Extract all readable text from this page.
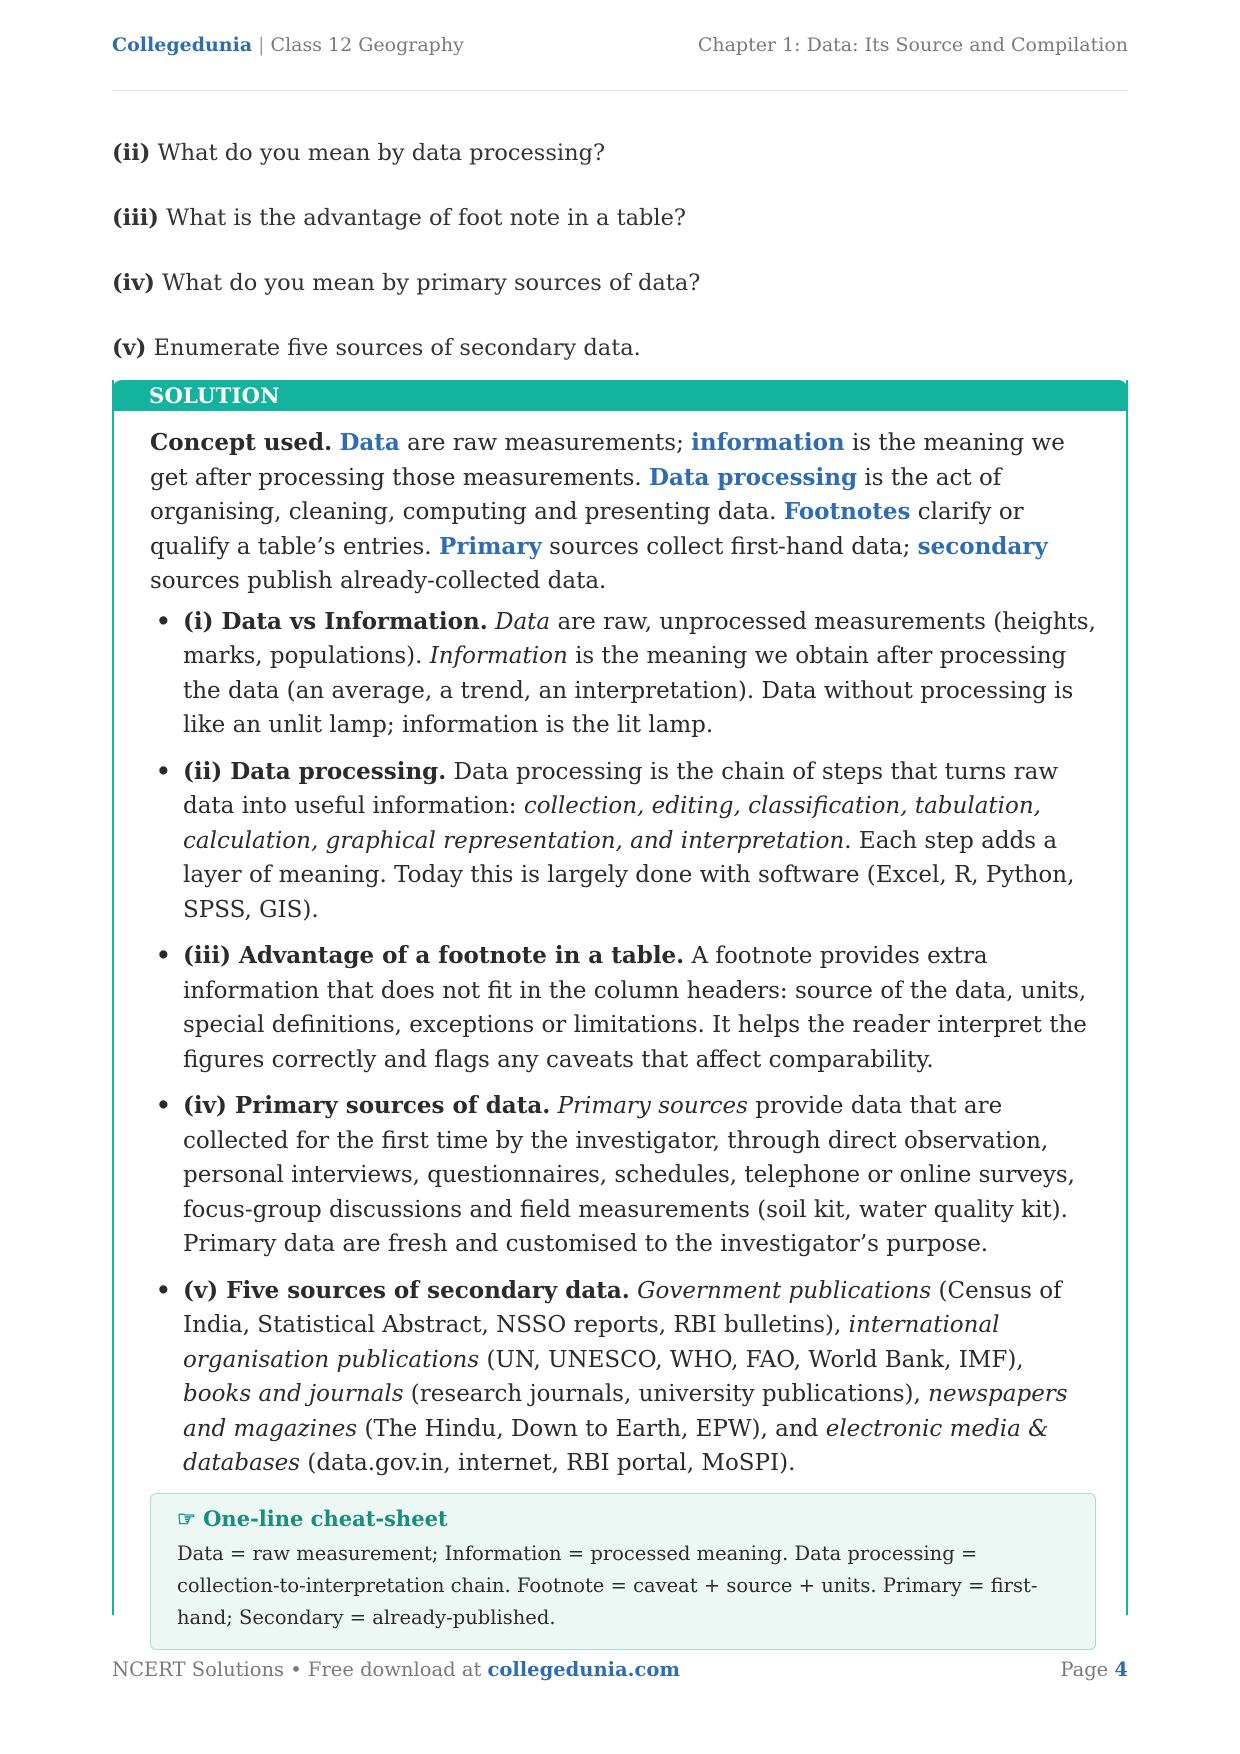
Collegedunia | Class 12 Geography	Chapter 1: Data: Its Source and Compilation

(ii) What do you mean by data processing?

(iii) What is the advantage of foot note in a table?

(iv) What do you mean by primary sources of data?

(v) Enumerate five sources of secondary data.

SOLUTION

Concept used. Data are raw measurements; information is the meaning we get after processing those measurements. Data processing is the act of organising, cleaning, computing and presenting data. Footnotes clarify or qualify a table’s entries. Primary sources collect first-hand data; secondary sources publish already-collected data.

• (i) Data vs Information. Data are raw, unprocessed measurements (heights, marks, populations). Information is the meaning we obtain after processing the data (an average, a trend, an interpretation). Data without processing is like an unlit lamp; information is the lit lamp.
• (ii) Data processing. Data processing is the chain of steps that turns raw data into useful information: collection, editing, classification, tabulation, calculation, graphical representation, and interpretation. Each step adds a layer of meaning. Today this is largely done with software (Excel, R, Python, SPSS, GIS).
• (iii) Advantage of a footnote in a table. A footnote provides extra information that does not fit in the column headers: source of the data, units, special definitions, exceptions or limitations. It helps the reader interpret the figures correctly and flags any caveats that affect comparability.
• (iv) Primary sources of data. Primary sources provide data that are collected for the first time by the investigator, through direct observation, personal interviews, questionnaires, schedules, telephone or online surveys, focus-group discussions and field measurements (soil kit, water quality kit). Primary data are fresh and customised to the investigator’s purpose.
• (v) Five sources of secondary data. Government publications (Census of India, Statistical Abstract, NSSO reports, RBI bulletins), international organisation publications (UN, UNESCO, WHO, FAO, World Bank, IMF), books and journals (research journals, university publications), newspapers and magazines (The Hindu, Down to Earth, EPW), and electronic media & databases (data.gov.in, internet, RBI portal, MoSPI).
☞ One-line cheat-sheet
Data = raw measurement; Information = processed meaning. Data processing = collection-to-interpretation chain. Footnote = caveat + source + units. Primary = first-hand; Secondary = already-published.
NCERT Solutions • Free download at collegedunia.com	Page 4
